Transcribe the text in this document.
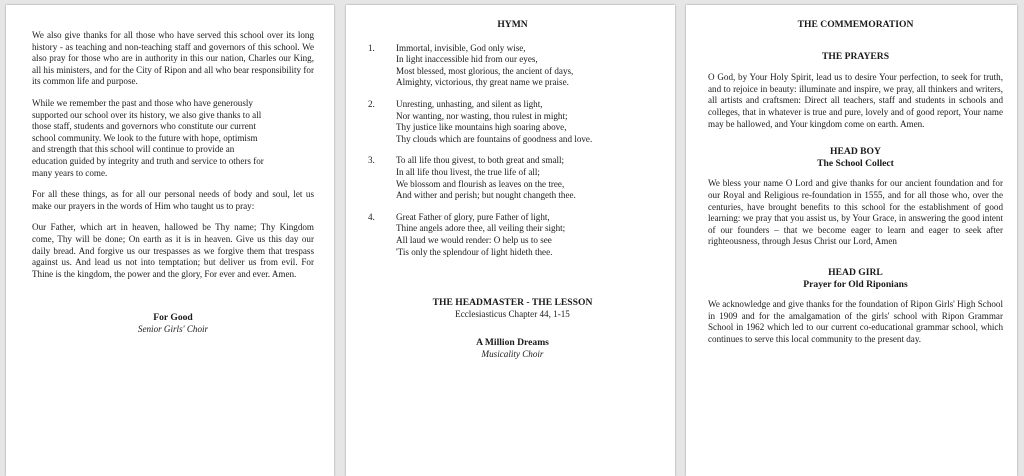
We also give thanks for all those who have served this school over its long history - as teaching and non-teaching staff and governors of this school. We also pray for those who are in authority in this our nation, Charles our King, all his ministers, and for the City of Ripon and all who bear responsibility for its common life and purpose.

While we remember the past and those who have generously
supported our school over its history, we also give thanks to all
those staff, students and governors who constitute our current
school community. We look to the future with hope, optimism
and strength that this school will continue to provide an
education guided by integrity and truth and service to others for
many years to come.

For all these things, as for all our personal needs of body and soul, let us make our prayers in the words of Him who taught us to pray:

Our Father, which art in heaven, hallowed be Thy name; Thy Kingdom come, Thy will be done; On earth as it is in heaven. Give us this day our daily bread. And forgive us our trespasses as we forgive them that trespass against us. And lead us not into temptation; but deliver us from evil. For Thine is the kingdom, the power and the glory, For ever and ever. Amen.

For Good
Senior Girls' Choir
HYMN
1.	Immortal, invisible, God only wise,
In light inaccessible hid from our eyes,
Most blessed, most glorious, the ancient of days,
Almighty, victorious, thy great name we praise.
2.	Unresting, unhasting, and silent as light,
Nor wanting, nor wasting, thou rulest in might;
Thy justice like mountains high soaring above,
Thy clouds which are fountains of goodness and love.
3.	To all life thou givest, to both great and small;
In all life thou livest, the true life of all;
We blossom and flourish as leaves on the tree,
And wither and perish; but nought changeth thee.
4.	Great Father of glory, pure Father of light,
Thine angels adore thee, all veiling their sight;
All laud we would render: O help us to see
'Tis only the splendour of light hideth thee.
THE HEADMASTER - THE LESSON
Ecclesiasticus Chapter 44, 1-15
A Million Dreams
Musicality Choir
THE COMMEMORATION
THE PRAYERS

O God, by Your Holy Spirit, lead us to desire Your perfection, to seek for truth, and to rejoice in beauty: illuminate and inspire, we pray, all thinkers and writers, all artists and craftsmen: Direct all teachers, staff and students in schools and colleges, that in whatever is true and pure, lovely and of good report, Your name may be hallowed, and Your kingdom come on earth. Amen.

HEAD BOY
The School Collect

We bless your name O Lord and give thanks for our ancient foundation and for our Royal and Religious re-foundation in 1555, and for all those who, over the centuries, have brought benefits to this school for the establishment of good learning: we pray that you assist us, by Your Grace, in answering the good intent of our founders – that we become eager to learn and eager to seek after righteousness, through Jesus Christ our Lord, Amen

HEAD GIRL
Prayer for Old Riponians

We acknowledge and give thanks for the foundation of Ripon Girls' High School in 1909 and for the amalgamation of the girls' school with Ripon Grammar School in 1962 which led to our current co-educational grammar school, which continues to serve this local community to the present day.
